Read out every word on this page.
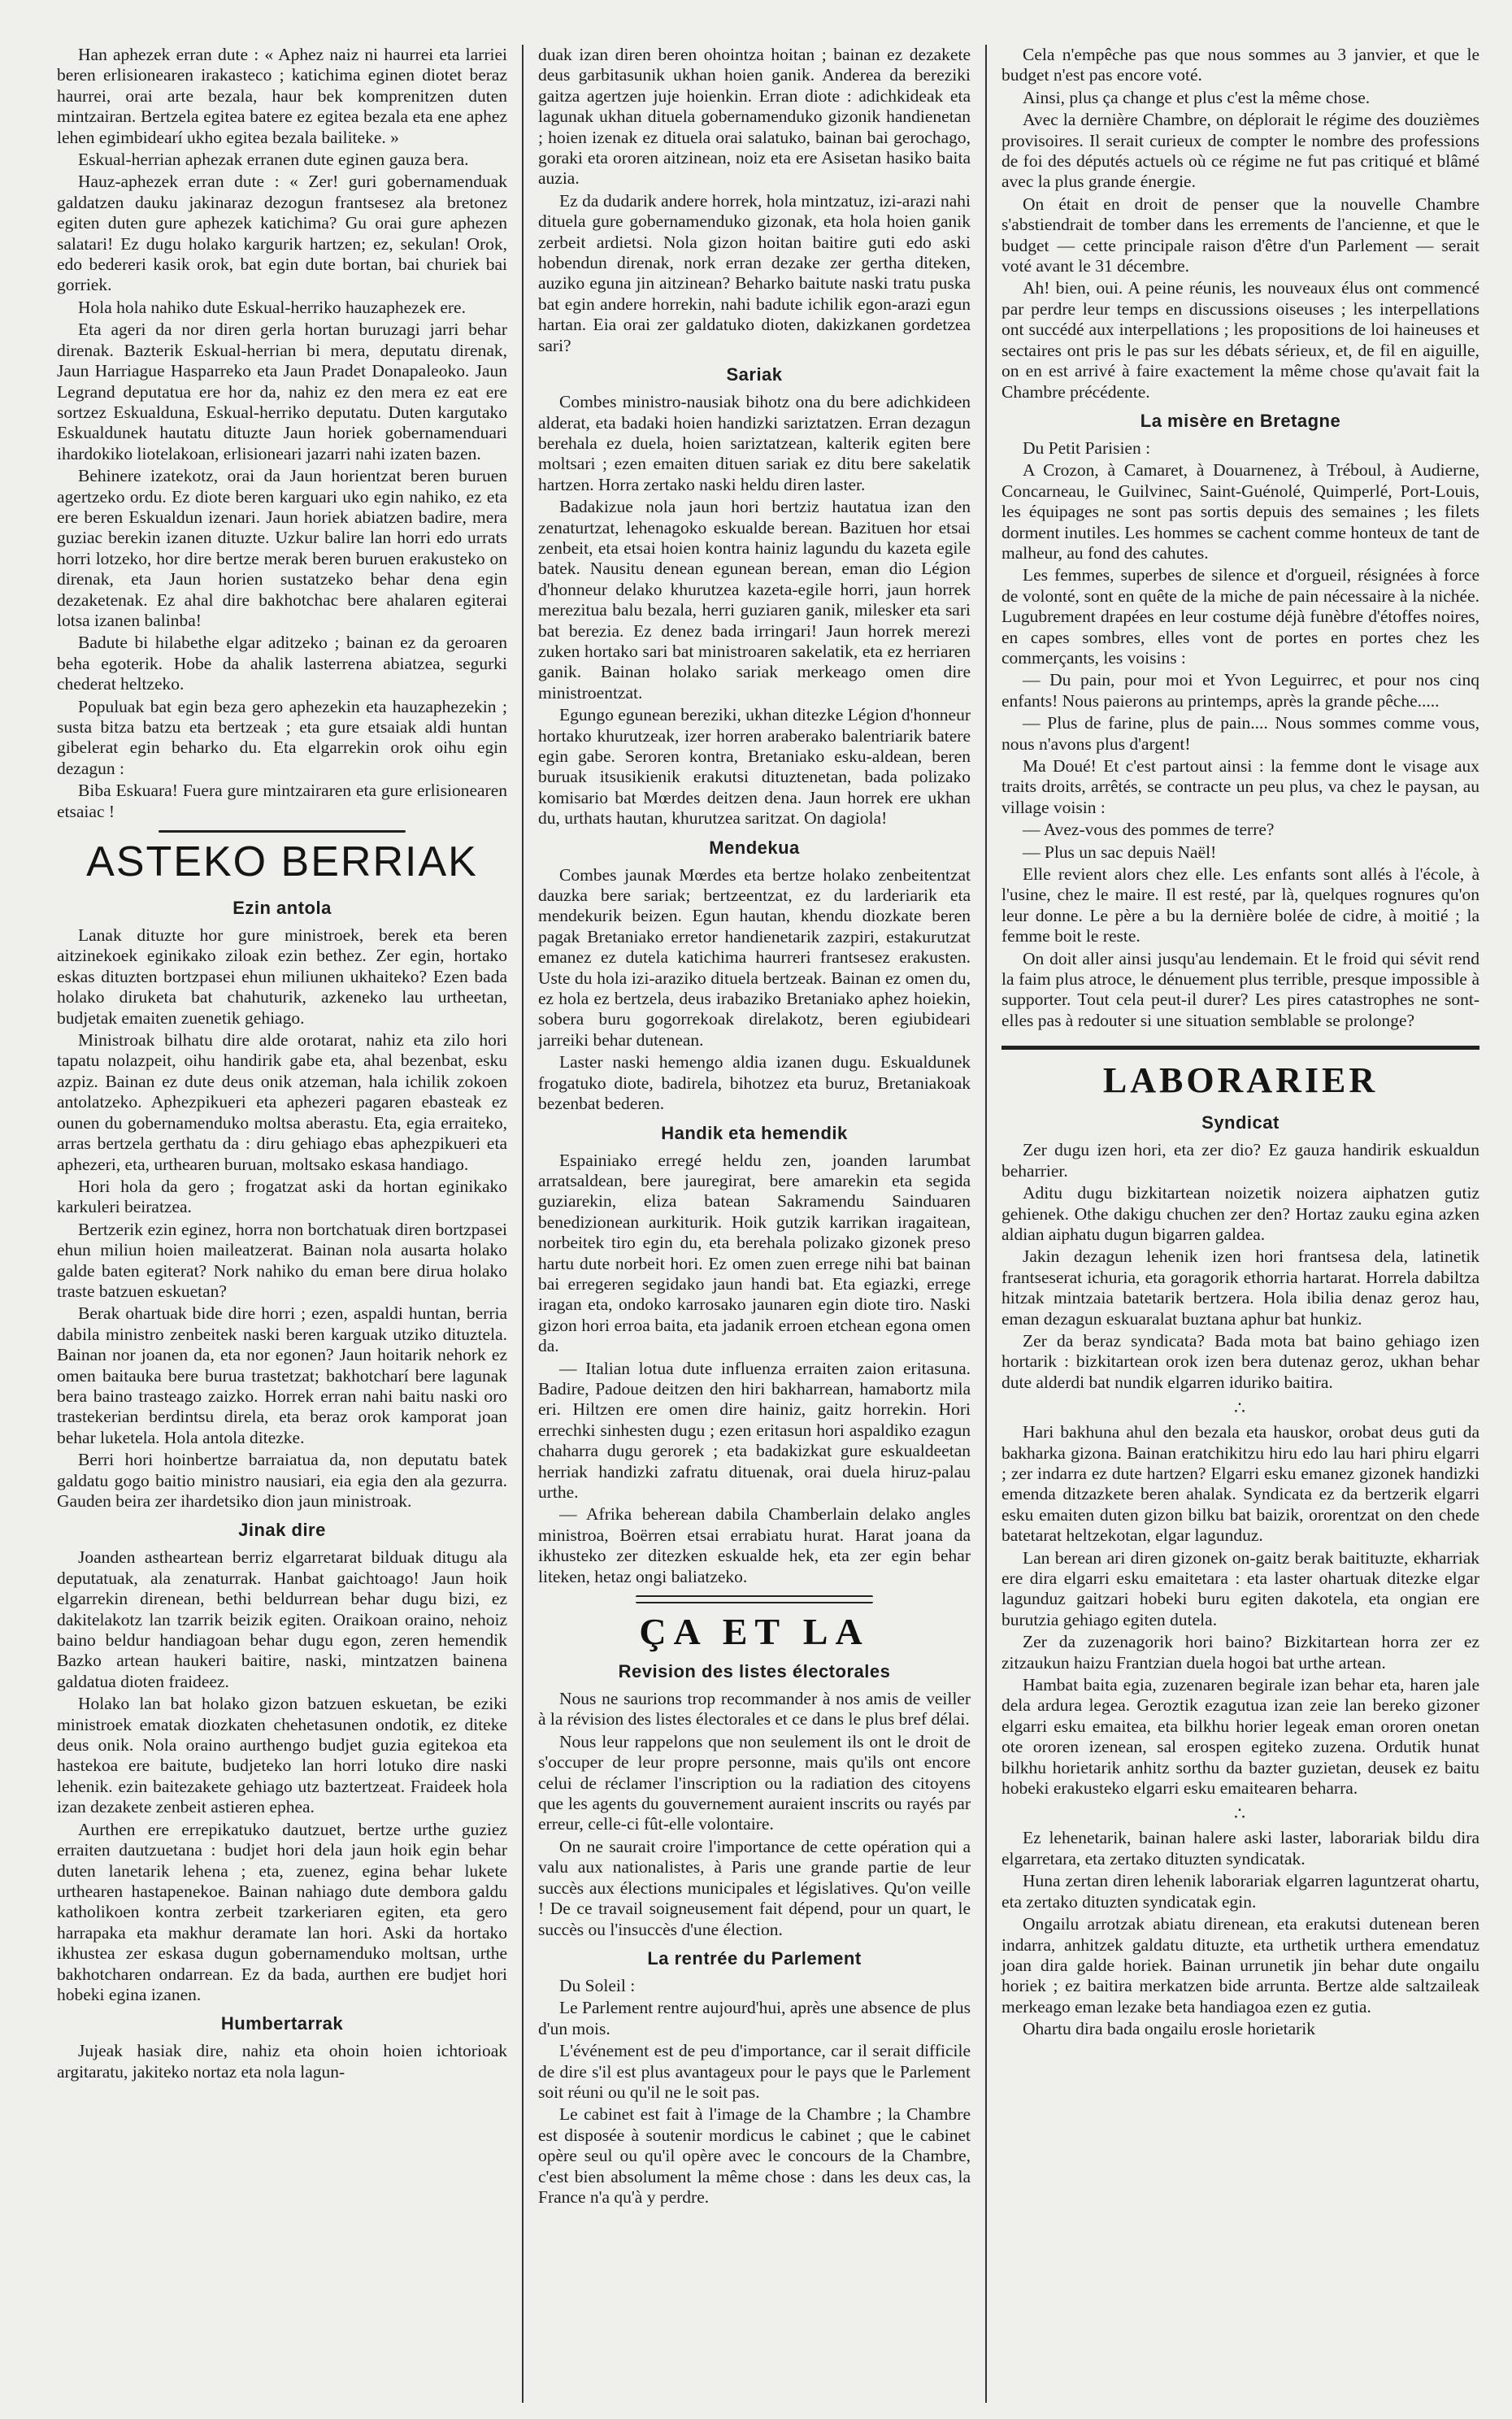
Han aphezek erran dute : « Aphez naiz ni haurrei eta larriei beren erlisionearen irakasteco ; katichima eginen diotet beraz haurrei, orai arte bezala, haur bek komprenitzen duten mintzairan. Bertzela egitea batere ez egitea bezala eta ene aphez lehen egimbidearí ukho egitea bezala bailiteke. »

Eskual-herrian aphezak erranen dute eginen gauza bera.

Hauz-aphezek erran dute : « Zer! guri gobernamenduak galdatzen dauku jakinaraz dezogun frantsesez ala bretonez egiten duten gure aphezek katichima? Gu orai gure aphezen salatari! Ez dugu holako kargurik hartzen; ez, sekulan! Orok, edo bedereri kasik orok, bat egin dute bortan, bai churiek bai gorriek.

Hola hola nahiko dute Eskual-herriko hauzaphezek ere.

Eta ageri da nor diren gerla hortan buruzagi jarri behar direnak. Bazterik Eskual-herrian bi mera, deputatu direnak, Jaun Harriague Hasparreko eta Jaun Pradet Donapaleoko. Jaun Legrand deputatua ere hor da, nahiz ez den mera ez eat ere sortzez Eskualduna, Eskual-herriko deputatu. Duten kargutako Eskualdunek hautatu dituzte Jaun horiek gobernamenduari ihardokiko liotelakoan, erlisioneari jazarri nahi izaten bazen.

Behinere izatekotz, orai da Jaun horientzat beren buruen agertzeko ordu. Ez diote beren karguari uko egin nahiko, ez eta ere beren Eskualdun izenari. Jaun horiek abiatzen badire, mera guziac berekin izanen dituzte. Uzkur balire lan horri edo urrats horri lotzeko, hor dire bertze merak beren buruen erakusteko on direnak, eta Jaun horien sustatzeko behar dena egin dezaketenak. Ez ahal dire bakhotchac bere ahalaren egiterai lotsa izanen balinba!

Badute bi hilabethe elgar aditzeko ; bainan ez da geroaren beha egoterik. Hobe da ahalik lasterrena abiatzea, segurki chederat heltzeko.

Populuak bat egin beza gero aphezekin eta hauzaphezekin ; susta bitza batzu eta bertzeak ; eta gure etsaiak aldi huntan gibelerat egin beharko du. Eta elgarrekin orok oihu egin dezagun :

Biba Eskuara! Fuera gure mintzairaren eta gure erlisionearen etsaiac !

ASTEKO BERRIAK
Ezin antola

Lanak dituzte hor gure ministroek, berek eta beren aitzinekoek eginikako ziloak ezin bethez. Zer egin, hortako eskas dituzten bortzpasei ehun miliunen ukhaiteko? Ezen bada holako diruketa bat chahuturik, azkeneko lau urtheetan, budjetak emaiten zuenetik gehiago.

Ministroak bilhatu dire alde orotarat, nahiz eta zilo hori tapatu nolazpeit, oihu handirik gabe eta, ahal bezenbat, esku azpiz. Bainan ez dute deus onik atzeman, hala ichilik zokoen antolatzeko. Aphezpikueri eta aphezeri pagaren ebasteak ez ounen du gobernamenduko moltsa aberastu. Eta, egia erraiteko, arras bertzela gerthatu da : diru gehiago ebas aphezpikueri eta aphezeri, eta, urthearen buruan, moltsako eskasa handiago.

Hori hola da gero ; frogatzat aski da hortan eginikako karkuleri beiratzea.

Bertzerik ezin eginez, horra non bortchatuak diren bortzpasei ehun miliun hoien maileatzerat. Bainan nola ausarta holako galde baten egiterat? Nork nahiko du eman bere dirua holako traste batzuen eskuetan?

Berak ohartuak bide dire horri ; ezen, aspaldi huntan, berria dabila ministro zenbeitek naski beren karguak utziko dituztela. Bainan nor joanen da, eta nor egonen? Jaun hoitarik nehork ez omen baitauka bere burua trastetzat; bakhotcharí bere lagunak bera baino trasteago zaizko. Horrek erran nahi baitu naski oro trastekerian berdintsu direla, eta beraz orok kamporat joan behar luketela. Hola antola ditezke.

Berri hori hoinbertze barraiatua da, non deputatu batek galdatu gogo baitio ministro nausiari, eia egia den ala gezurra. Gauden beira zer ihardetsiko dion jaun ministroak.

Jinak dire

Joanden astheartean berriz elgarretarat bilduak ditugu ala deputatuak, ala zenaturrak. Hanbat gaichtoago! Jaun hoik elgarrekin direnean, bethi beldurrean behar dugu bizi, ez dakitelakotz lan tzarrik beizik egiten. Oraikoan oraino, nehoiz baino beldur handiagoan behar dugu egon, zeren hemendik Bazko artean haukeri baitire, naski, mintzatzen bainena galdatua dioten fraideez.

Holako lan bat holako gizon batzuen eskuetan, be eziki ministroek ematak diozkaten chehetasunen ondotik, ez diteke deus onik. Nola oraino aurthengo budjet guzia egitekoa eta hastekoa ere baitute, budjeteko lan horri lotuko dire naski lehenik. ezin baitezakete gehiago utz baztertzeat. Fraideek hola izan dezakete zenbeit astieren ephea.

Aurthen ere errepikatuko dautzuet, bertze urthe guziez erraiten dautzuetana : budjet hori dela jaun hoik egin behar duten lanetarik lehena ; eta, zuenez, egina behar lukete urthearen hastapenekoe. Bainan nahiago dute dembora galdu katholikoen kontra zerbeit tzarkeriaren egiten, eta gero harrapaka eta makhur deramate lan hori. Aski da hortako ikhustea zer eskasa dugun gobernamenduko moltsan, urthe bakhotcharen ondarrean. Ez da bada, aurthen ere budjet hori hobeki egina izanen.

Humbertarrak

Jujeak hasiak dire, nahiz eta ohoin hoien ichtorioak argitaratu, jakiteko nortaz eta nola lagun-

duak izan diren beren ohointza hoitan ; bainan ez dezakete deus garbitasunik ukhan hoien ganik. Anderea da bereziki gaitza agertzen juje hoienkin. Erran diote : adichkideak eta lagunak ukhan dituela gobernamenduko gizonik handienetan ; hoien izenak ez dituela orai salatuko, bainan bai gerochago, goraki eta ororen aitzinean, noiz eta ere Asisetan hasiko baita auzia.

Ez da dudarik andere horrek, hola mintzatuz, izi-arazi nahi dituela gure gobernamenduko gizonak, eta hola hoien ganik zerbeit ardietsi. Nola gizon hoitan baitire guti edo aski hobendun direnak, nork erran dezake zer gertha diteken, auziko eguna jin aitzinean? Beharko baitute naski tratu puska bat egin andere horrekin, nahi badute ichilik egon-arazi egun hartan. Eia orai zer galdatuko dioten, dakizkanen gordetzea sari?

Sariak

Combes ministro-nausiak bihotz ona du bere adichkideen alderat, eta badaki hoien handizki sariztatzen. Erran dezagun berehala ez duela, hoien sariztatzean, kalterik egiten bere moltsari ; ezen emaiten dituen sariak ez ditu bere sakelatik hartzen. Horra zertako naski heldu diren laster.

Badakizue nola jaun hori bertziz hautatua izan den zenaturtzat, lehenagoko eskualde berean. Bazituen hor etsai zenbeit, eta etsai hoien kontra hainiz lagundu du kazeta egile batek. Nausitu denean egunean berean, eman dio Légion d'honneur delako khurutzea kazeta-egile horri, jaun horrek merezitua balu bezala, herri guziaren ganik, milesker eta sari bat berezia. Ez denez bada irringari! Jaun horrek merezi zuken hortako sari bat ministroaren sakelatik, eta ez herriaren ganik. Bainan holako sariak merkeago omen dire ministroentzat.

Egungo egunean bereziki, ukhan ditezke Légion d'honneur hortako khurutzeak, izer horren araberako balentriarik batere egin gabe. Seroren kontra, Bretaniako esku-aldean, beren buruak itsusikienik erakutsi dituztenetan, bada polizako komisario bat Mœrdes deitzen dena. Jaun horrek ere ukhan du, urthats hautan, khurutzea saritzat. On dagiola!

Mendekua

Combes jaunak Mœrdes eta bertze holako zenbeitentzat dauzka bere sariak; bertzeentzat, ez du larderiarik eta mendekurik beizen. Egun hautan, khendu diozkate beren pagak Bretaniako erretor handienetarik zazpiri, estakurutzat emanez ez dutela katichima haurreri frantsesez erakusten. Uste du hola izi-araziko dituela bertzeak. Bainan ez omen du, ez hola ez bertzela, deus irabaziko Bretaniako aphez hoiekin, sobera buru gogorrekoak direlakotz, beren egiubideari jarreiki behar dutenean.

Laster naski hemengo aldia izanen dugu. Eskualdunek frogatuko diote, badirela, bihotzez eta buruz, Bretaniakoak bezenbat bederen.

Handik eta hemendik

Espainiako erregé heldu zen, joanden larumbat arratsaldean, bere jauregirat, bere amarekin eta segida guziarekin, eliza batean Sakramendu Sainduaren benedizionean aurkiturik. Hoik gutzik karrikan iragaitean, norbeitek tiro egin du, eta berehala polizako gizonek preso hartu dute norbeit hori. Ez omen zuen errege nihi bat bainan bai erregeren segidako jaun handi bat. Eta egiazki, errege iragan eta, ondoko karrosako jaunaren egin diote tiro. Naski gizon hori erroa baita, eta jadanik erroen etchean egona omen da.

— Italian lotua dute influenza erraiten zaion eritasuna. Badire, Padoue deitzen den hiri bakharrean, hamabortz mila eri. Hiltzen ere omen dire hainiz, gaitz horrekin. Hori errechki sinhesten dugu ; ezen eritasun hori aspaldiko ezagun chaharra dugu gerorek ; eta badakizkat gure eskualdeetan herriak handizki zafratu dituenak, orai duela hiruz-palau urthe.

— Afrika beherean dabila Chamberlain delako angles ministroa, Boërren etsai errabiatu hurat. Harat joana da ikhusteko zer ditezken eskualde hek, eta zer egin behar liteken, hetaz ongi baliatzeko.

ÇA ET LA
Revision des listes électorales

Nous ne saurions trop recommander à nos amis de veiller à la révision des listes électorales et ce dans le plus bref délai.

Nous leur rappelons que non seulement ils ont le droit de s'occuper de leur propre personne, mais qu'ils ont encore celui de réclamer l'inscription ou la radiation des citoyens que les agents du gouvernement auraient inscrits ou rayés par erreur, celle-ci fût-elle volontaire.

On ne saurait croire l'importance de cette opération qui a valu aux nationalistes, à Paris une grande partie de leur succès aux élections municipales et législatives. Qu'on veille ! De ce travail soigneusement fait dépend, pour un quart, le succès ou l'insuccès d'une élection.

La rentrée du Parlement

Du Soleil :

Le Parlement rentre aujourd'hui, après une absence de plus d'un mois.

L'événement est de peu d'importance, car il serait difficile de dire s'il est plus avantageux pour le pays que le Parlement soit réuni ou qu'il ne le soit pas.

Le cabinet est fait à l'image de la Chambre ; la Chambre est disposée à soutenir mordicus le cabinet ; que le cabinet opère seul ou qu'il opère avec le concours de la Chambre, c'est bien absolument la même chose : dans les deux cas, la France n'a qu'à y perdre.

Cela n'empêche pas que nous sommes au 3 janvier, et que le budget n'est pas encore voté.

Ainsi, plus ça change et plus c'est la même chose.

Avec la dernière Chambre, on déplorait le régime des douzièmes provisoires. Il serait curieux de compter le nombre des professions de foi des députés actuels où ce régime ne fut pas critiqué et blâmé avec la plus grande énergie.

On était en droit de penser que la nouvelle Chambre s'abstiendrait de tomber dans les errements de l'ancienne, et que le budget — cette principale raison d'être d'un Parlement — serait voté avant le 31 décembre.

Ah! bien, oui. A peine réunis, les nouveaux élus ont commencé par perdre leur temps en discussions oiseuses ; les interpellations ont succédé aux interpellations ; les propositions de loi haineuses et sectaires ont pris le pas sur les débats sérieux, et, de fil en aiguille, on en est arrivé à faire exactement la même chose qu'avait fait la Chambre précédente.

La misère en Bretagne

Du Petit Parisien :

A Crozon, à Camaret, à Douarnenez, à Tréboul, à Audierne, Concarneau, le Guilvinec, Saint-Guénolé, Quimperlé, Port-Louis, les équipages ne sont pas sortis depuis des semaines ; les filets dorment inutiles. Les hommes se cachent comme honteux de tant de malheur, au fond des cahutes.

Les femmes, superbes de silence et d'orgueil, résignées à force de volonté, sont en quête de la miche de pain nécessaire à la nichée. Lugubrement drapées en leur costume déjà funèbre d'étoffes noires, en capes sombres, elles vont de portes en portes chez les commerçants, les voisins :

— Du pain, pour moi et Yvon Leguirrec, et pour nos cinq enfants! Nous paierons au printemps, après la grande pêche.....

— Plus de farine, plus de pain.... Nous sommes comme vous, nous n'avons plus d'argent!

Ma Doué! Et c'est partout ainsi : la femme dont le visage aux traits droits, arrêtés, se contracte un peu plus, va chez le paysan, au village voisin :

— Avez-vous des pommes de terre?

— Plus un sac depuis Naël!

Elle revient alors chez elle. Les enfants sont allés à l'école, à l'usine, chez le maire. Il est resté, par là, quelques rognures qu'on leur donne. Le père a bu la dernière bolée de cidre, à moitié ; la femme boit le reste.

On doit aller ainsi jusqu'au lendemain. Et le froid qui sévit rend la faim plus atroce, le dénuement plus terrible, presque impossible à supporter. Tout cela peut-il durer? Les pires catastrophes ne sont-elles pas à redouter si une situation semblable se prolonge?

LABORARIER
Syndicat

Zer dugu izen hori, eta zer dio? Ez gauza handirik eskualdun beharrier.

Aditu dugu bizkitartean noizetik noizera aiphatzen gutiz gehienek. Othe dakigu chuchen zer den? Hortaz zauku egina azken aldian aiphatu dugun bigarren galdea.

Jakin dezagun lehenik izen hori frantsesa dela, latinetik frantseserat ichuria, eta goragorik ethorria hartarat. Horrela dabiltza hitzak mintzaia batetarik bertzera. Hola ibilia denaz geroz hau, eman dezagun eskuaralat buztana aphur bat hunkiz.

Zer da beraz syndicata? Bada mota bat baino gehiago izen hortarik : bizkitartean orok izen bera dutenaz geroz, ukhan behar dute alderdi bat nundik elgarren iduriko baitira.

∴

Hari bakhuna ahul den bezala eta hauskor, orobat deus guti da bakharka gizona. Bainan eratchikitzu hiru edo lau hari phiru elgarri ; zer indarra ez dute hartzen? Elgarri esku emanez gizonek handizki emenda ditzazkete beren ahalak. Syndicata ez da bertzerik elgarri esku emaiten duten gizon bilku bat baizik, ororentzat on den chede batetarat heltzekotan, elgar lagunduz.

Lan berean ari diren gizonek on-gaitz berak baitituzte, ekharriak ere dira elgarri esku emaitetara : eta laster ohartuak ditezke elgar lagunduz gaitzari hobeki buru egiten dakotela, eta ongian ere burutzia gehiago egiten dutela.

Zer da zuzenagorik hori baino? Bizkitartean horra zer ez zitzaukun haizu Frantzian duela hogoi bat urthe artean.

Hambat baita egia, zuzenaren begirale izan behar eta, haren jale dela ardura legea. Geroztik ezagutua izan zeie lan bereko gizoner elgarri esku emaitea, eta bilkhu horier legeak eman ororen onetan ote ororen izenean, sal erospen egiteko zuzena. Ordutik hunat bilkhu horietarik anhitz sorthu da bazter guzietan, deusek ez baitu hobeki erakusteko elgarri esku emaitearen beharra.

∴

Ez lehenetarik, bainan halere aski laster, laborariak bildu dira elgarretara, eta zertako dituzten syndicatak.

Huna zertan diren lehenik laborariak elgarren laguntzerat ohartu, eta zertako dituzten syndicatak egin.

Ongailu arrotzak abiatu direnean, eta erakutsi dutenean beren indarra, anhitzek galdatu dituzte, eta urthetik urthera emendatuz joan dira galde horiek. Bainan urrunetik jin behar dute ongailu horiek ; ez baitira merkatzen bide arrunta. Bertze alde saltzaileak merkeago eman lezake beta handiagoa ezen ez gutia.

Ohartu dira bada ongailu erosle horietarik
